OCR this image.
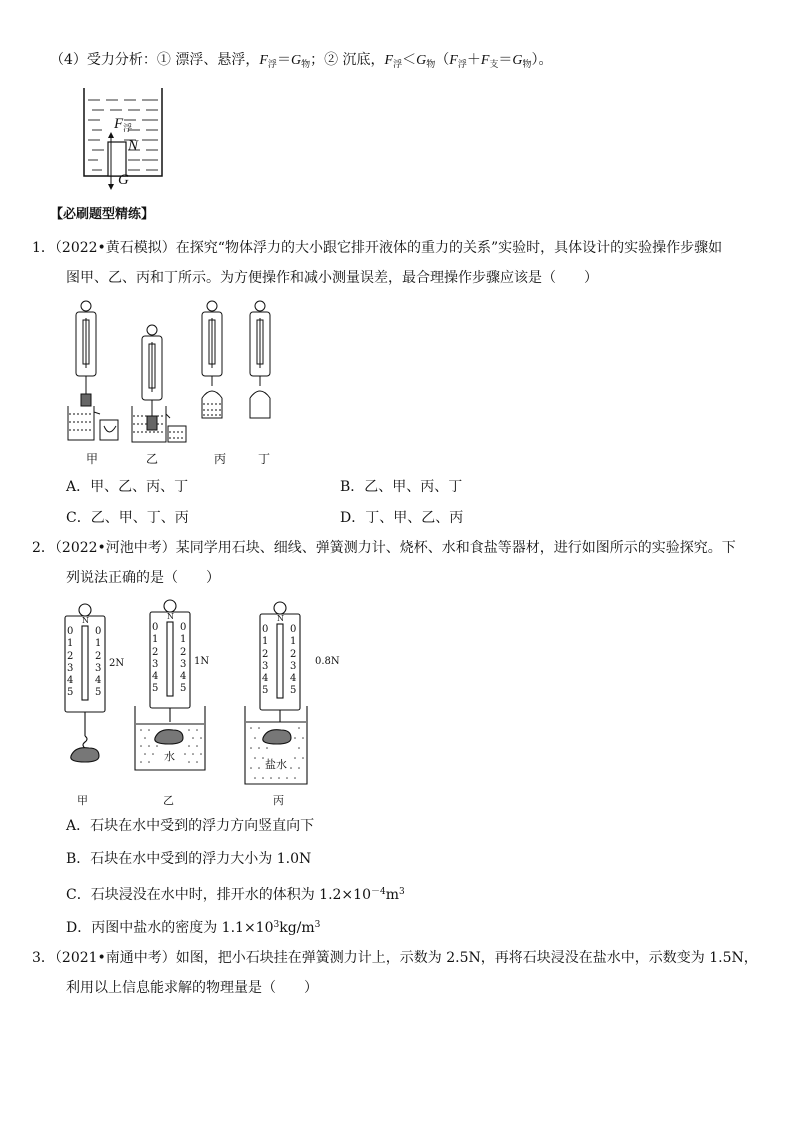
（4）受力分析：① 漂浮、悬浮，$F_浮=G_物$；② 沉底，$F_浮<G_物(F_浮+F_支=G_物)$。
$F_浮$
N
G
【必刷题型精练】
1．（2022•黄石模拟）在探究“物体浮力的大小跟它排开液体的重力的关系”实验时，具体设计的实验操作步骤如
图甲、乙、丙和丁所示。为方便操作和减小测量误差，最合理操作步骤应该是（　　）
甲	乙	丙	丁
A．甲、乙、丙、丁	B．乙、甲、丙、丁
C．乙、甲、丁、丙	D．丁、甲、乙、丙
2．（2022•河池中考）某同学用石块、细线、弹簧测力计、烧杯、水和食盐等器材，进行如图所示的实验探究。下
列说法正确的是（　　）
0
1
2
3
4
5
0
1
2
3
4
5
N
2N
0
1
2
3
4
5
0
1
2
3
4
5
N
1N
0
1
2
3
4
5
0
1
2
3
4
5
N
0.8N
水
盐水
甲	乙	丙
A．石块在水中受到的浮力方向竖直向下
B．石块在水中受到的浮力大小为 1.0N
C．石块浸没在水中时，排开水的体积为 $1.2\times 10^{-4}m^3$
D．丙图中盐水的密度为 $1.1\times 10^3kg/m^3$
3．（2021•南通中考）如图，把小石块挂在弹簧测力计上，示数为 2.5N，再将石块浸没在盐水中，示数变为 1.5N，
利用以上信息能求解的物理量是（　　）
